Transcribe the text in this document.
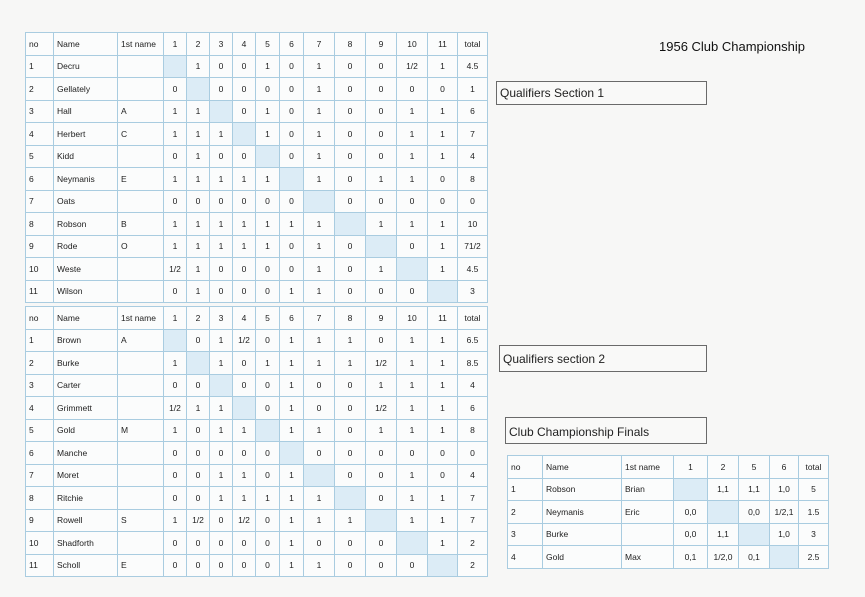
no	Name	1st name	1	2	3	4	5	6	7	8	9	10	11	total
1	Decru			1	0	0	1	0	1	0	0	1/2	1	4.5
2	Gellately		0		0	0	0	0	1	0	0	0	0	1
3	Hall	A	1	1		0	1	0	1	0	0	1	1	6
4	Herbert	C	1	1	1		1	0	1	0	0	1	1	7
5	Kidd		0	1	0	0		0	1	0	0	1	1	4
6	Neymanis	E	1	1	1	1	1		1	0	1	1	0	8
7	Oats		0	0	0	0	0	0		0	0	0	0	0
8	Robson	B	1	1	1	1	1	1	1		1	1	1	10
9	Rode	O	1	1	1	1	1	0	1	0		0	1	71/2
10	Weste		1/2	1	0	0	0	0	1	0	1		1	4.5
11	Wilson		0	1	0	0	0	1	1	0	0	0		3
no	Name	1st name	1	2	3	4	5	6	7	8	9	10	11	total
1	Brown	A		0	1	1/2	0	1	1	1	0	1	1	6.5
2	Burke		1		1	0	1	1	1	1	1/2	1	1	8.5
3	Carter		0	0		0	0	1	0	0	1	1	1	4
4	Grimmett		1/2	1	1		0	1	0	0	1/2	1	1	6
5	Gold	M	1	0	1	1		1	1	0	1	1	1	8
6	Manche		0	0	0	0	0		0	0	0	0	0	0
7	Moret		0	0	1	1	0	1		0	0	1	0	4
8	Ritchie		0	0	1	1	1	1	1		0	1	1	7
9	Rowell	S	1	1/2	0	1/2	0	1	1	1		1	1	7
10	Shadforth		0	0	0	0	0	1	0	0	0		1	2
11	Scholl	E	0	0	0	0	0	1	1	0	0	0		2
no	Name	1st name	1	2	5	6	total
1	Robson	Brian		1,1	1,1	1,0	5
2	Neymanis	Eric	0,0		0,0	1/2,1	1.5
3	Burke		0,0	1,1		1,0	3
4	Gold	Max	0,1	1/2,0	0,1		2.5
1956 Club Championship
Qualifiers Section 1
Qualifiers section 2
Club Championship Finals
